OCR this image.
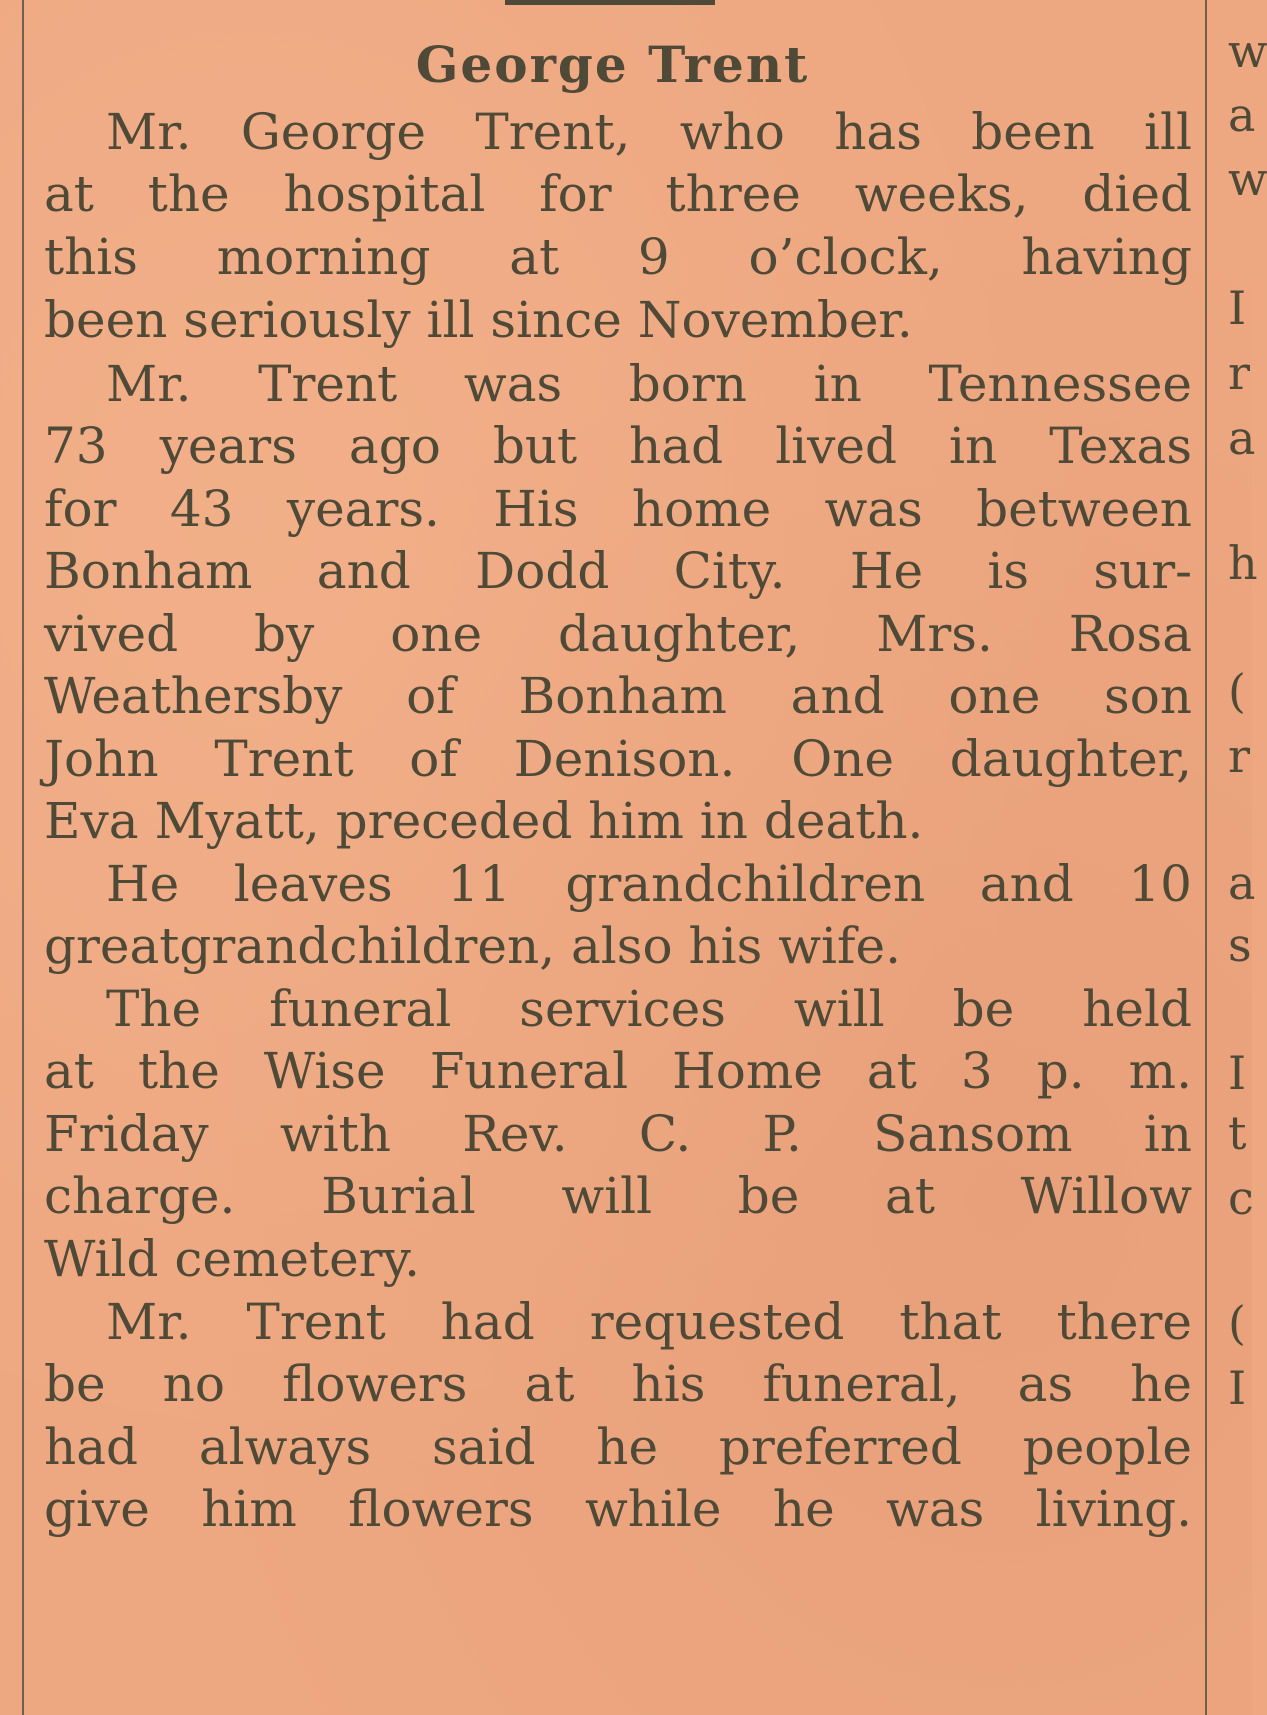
George Trent
Mr. George Trent, who has been ill
at the hospital for three weeks, died
this morning at 9 o’clock, having
been seriously ill since November.
Mr. Trent was born in Tennessee
73 years ago but had lived in Texas
for 43 years. His home was between
Bonham and Dodd City. He is sur-
vived by one daughter, Mrs. Rosa
Weathersby of Bonham and one son
John Trent of Denison. One daughter,
Eva Myatt, preceded him in death.
He leaves 11 grandchildren and 10
greatgrandchildren, also his wife.
The funeral services will be held
at the Wise Funeral Home at 3 p. m.
Friday with Rev. C. P. Sansom in
charge. Burial will be at Willow
Wild cemetery.
Mr. Trent had requested that there
be no flowers at his funeral, as he
had always said he preferred people
give him flowers while he was living.
w
a
w
I
r
a
h
(
r
a
s
I
t
c
(
I
